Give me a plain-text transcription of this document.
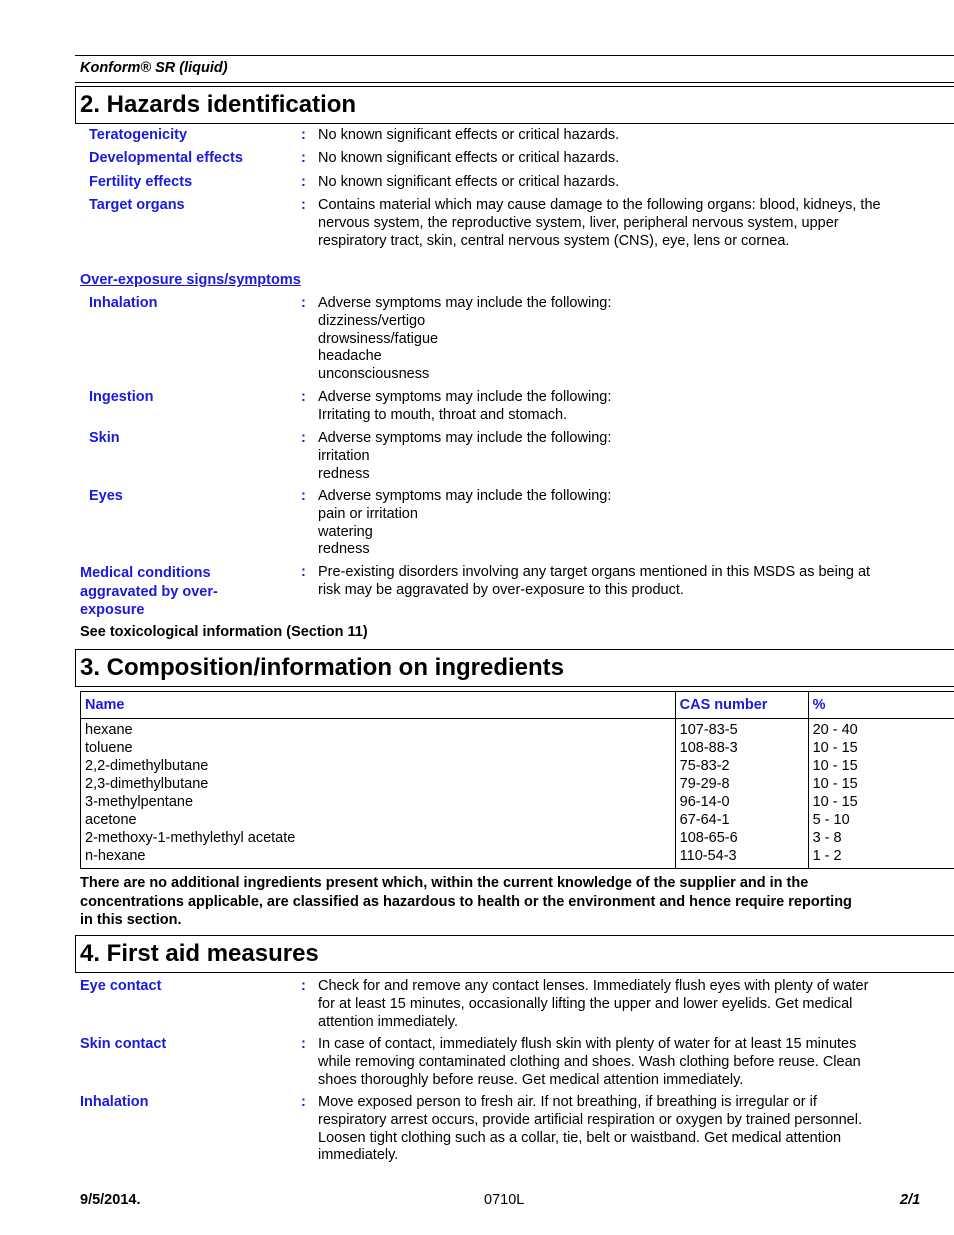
Konform® SR (liquid)
2. Hazards identification
Teratogenicity	: No known significant effects or critical hazards.
Developmental effects	: No known significant effects or critical hazards.
Fertility effects	: No known significant effects or critical hazards.
Target organs	: Contains material which may cause damage to the following organs: blood, kidneys, the
nervous system, the reproductive system, liver, peripheral nervous system, upper
respiratory tract, skin, central nervous system (CNS), eye, lens or cornea.
Over-exposure signs/symptoms
Inhalation	: Adverse symptoms may include the following:
dizziness/vertigo
drowsiness/fatigue
headache
unconsciousness
Ingestion	: Adverse symptoms may include the following:
Irritating to mouth, throat and stomach.
Skin	: Adverse symptoms may include the following:
irritation
redness
Eyes	: Adverse symptoms may include the following:
pain or irritation
watering
redness
Medical conditions
aggravated by over-
exposure
: Pre-existing disorders involving any target organs mentioned in this MSDS as being at
risk may be aggravated by over-exposure to this product.
See toxicological information (Section 11)
3. Composition/information on ingredients
Name	CAS number	%
hexane	107-83-5	20 - 40
toluene	108-88-3	10 - 15
2,2-dimethylbutane	75-83-2	10 - 15
2,3-dimethylbutane	79-29-8	10 - 15
3-methylpentane	96-14-0	10 - 15
acetone	67-64-1	5 - 10
2-methoxy-1-methylethyl acetate	108-65-6	3 - 8
n-hexane	110-54-3	1 - 2
There are no additional ingredients present which, within the current knowledge of the supplier and in the
concentrations applicable, are classified as hazardous to health or the environment and hence require reporting
in this section.
4. First aid measures
Eye contact	: Check for and remove any contact lenses. Immediately flush eyes with plenty of water
for at least 15 minutes, occasionally lifting the upper and lower eyelids. Get medical
attention immediately.
Skin contact	: In case of contact, immediately flush skin with plenty of water for at least 15 minutes
while removing contaminated clothing and shoes. Wash clothing before reuse. Clean
shoes thoroughly before reuse. Get medical attention immediately.
Inhalation	: Move exposed person to fresh air. If not breathing, if breathing is irregular or if
respiratory arrest occurs, provide artificial respiration or oxygen by trained personnel.
Loosen tight clothing such as a collar, tie, belt or waistband. Get medical attention
immediately.
9/5/2014.	0710L	2/1
